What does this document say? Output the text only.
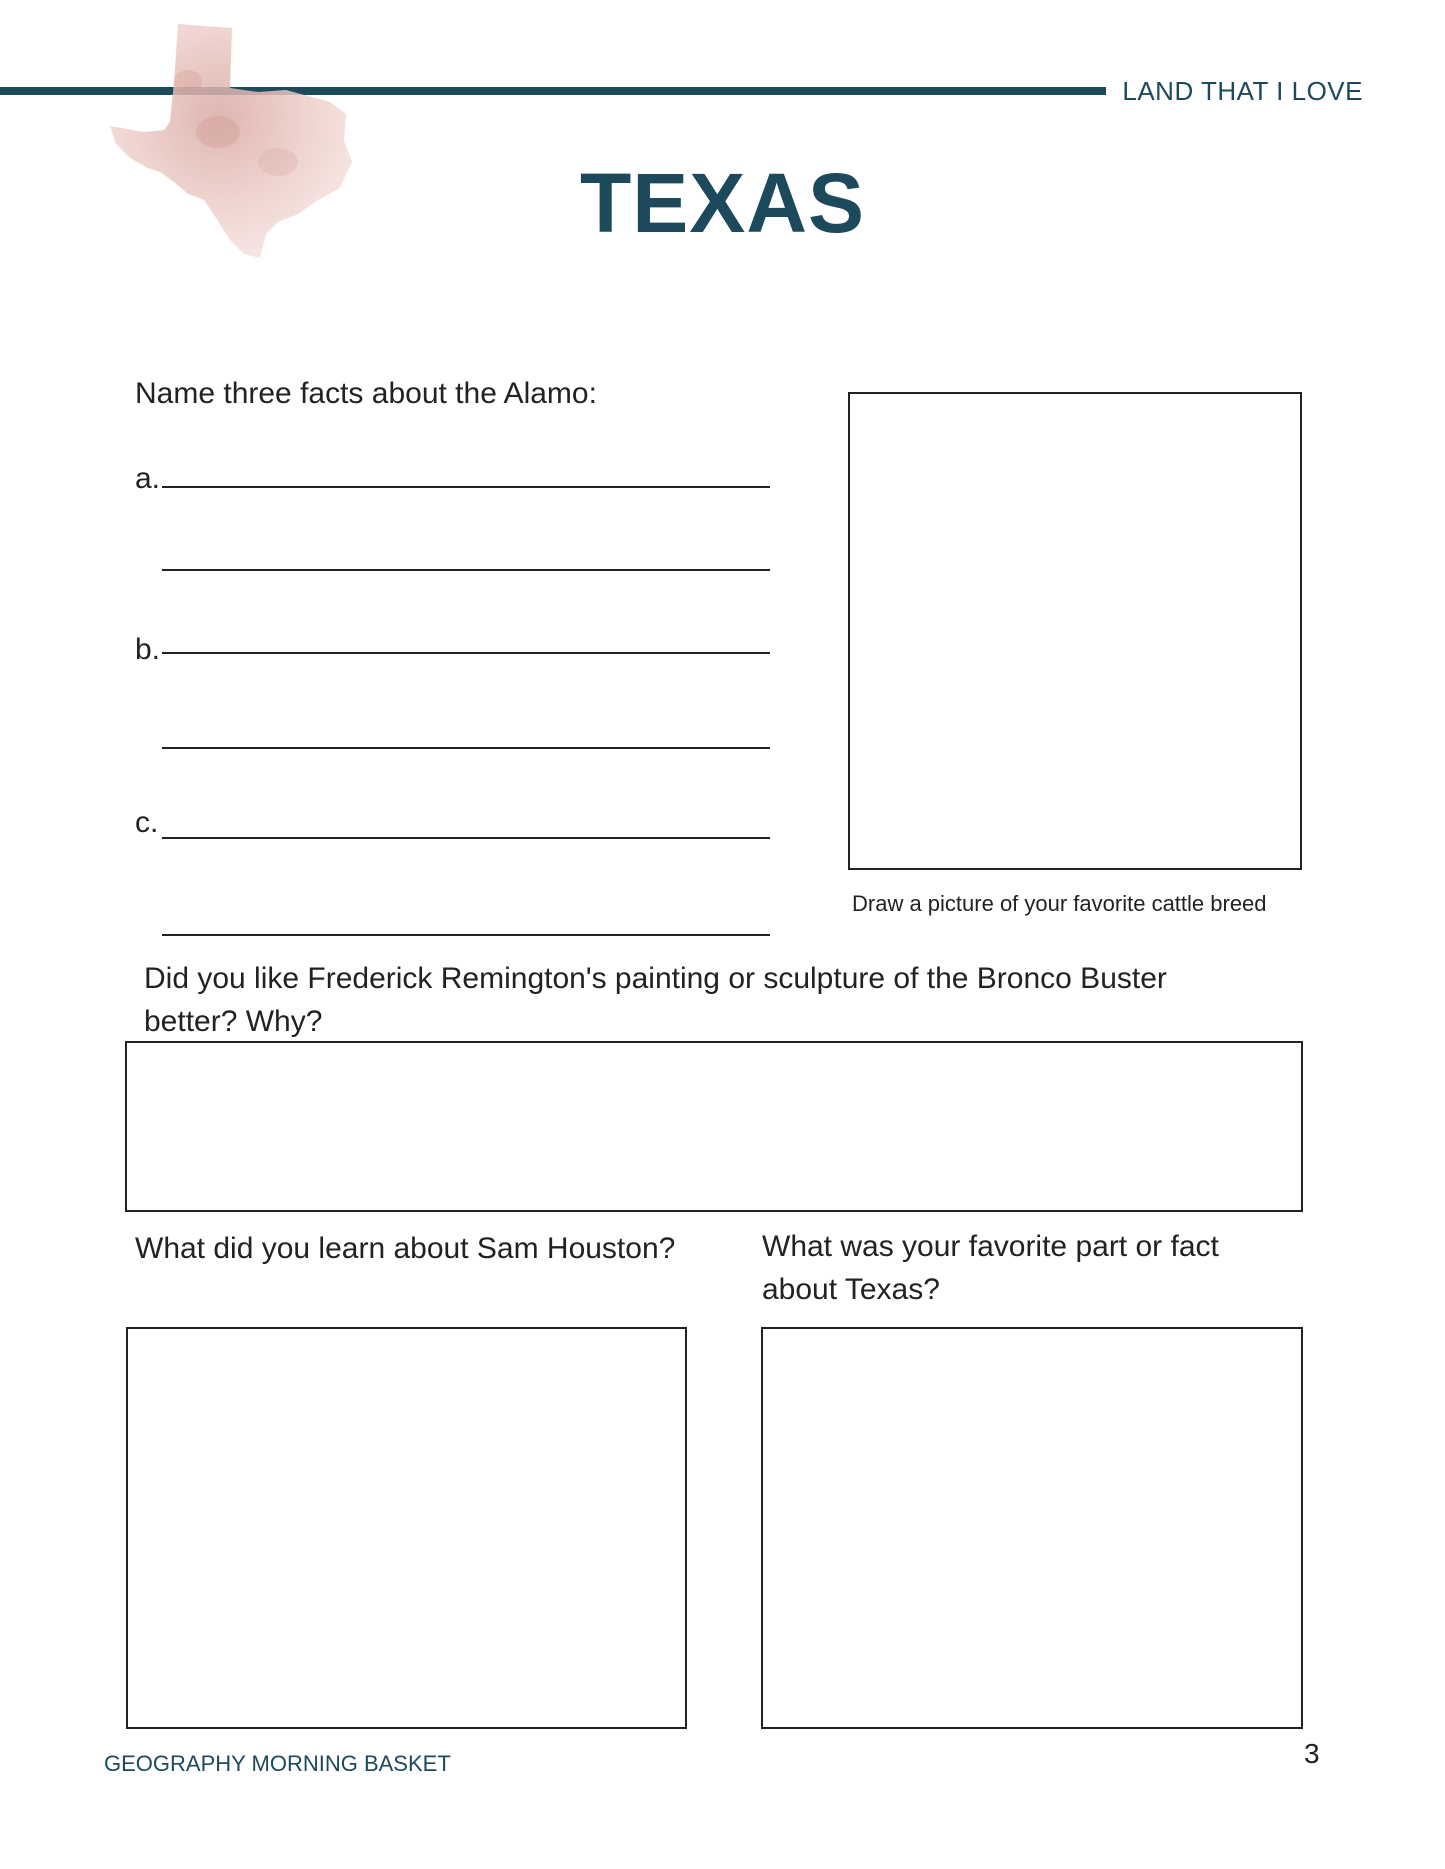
LAND THAT I LOVE
TEXAS
Name three facts about the Alamo:
a.
b.
c.
Draw a picture of your favorite cattle breed
Did you like Frederick Remington's painting or sculpture of the Bronco Buster better? Why?
What did you learn about Sam Houston?	What was your favorite part or fact about Texas?
GEOGRAPHY MORNING BASKET	3
